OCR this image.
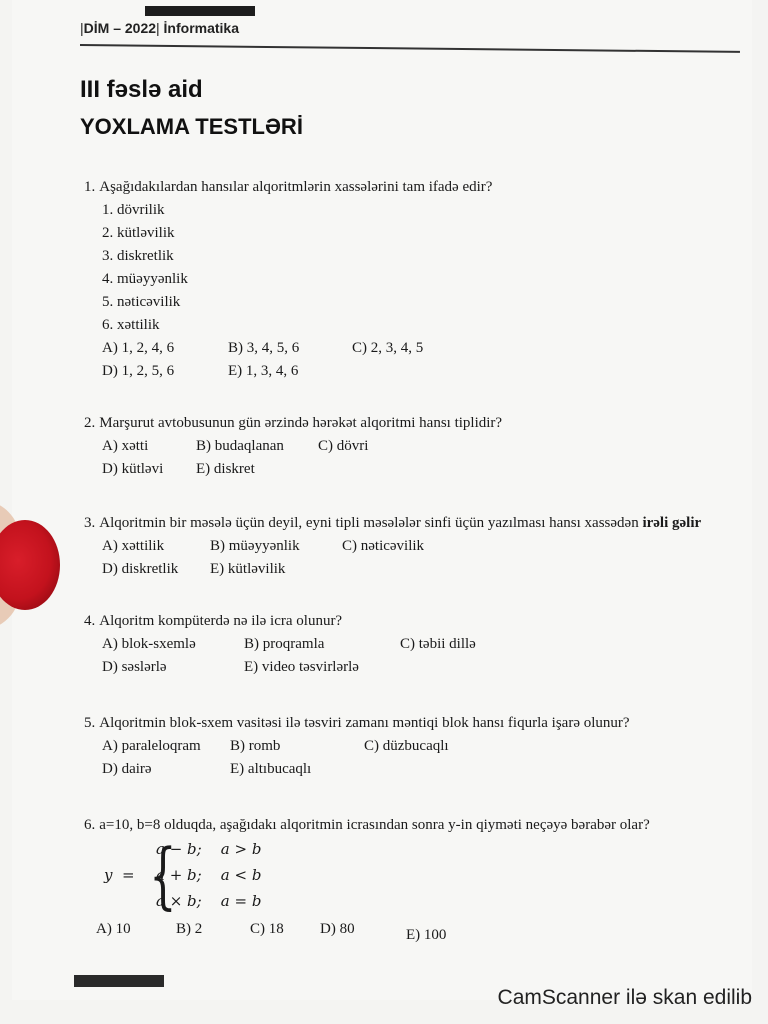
|DİM – 2022| İnformatika
III fəslə aid
YOXLAMA TESTLƏRİ
1. Aşağıdakılardan hansılar alqoritmlərin xassələrini tam ifadə edir?
1. dövrilik
2. kütləvilik
3. diskretlik
4. müəyyənlik
5. nəticəvilik
6. xəttilik
A) 1, 2, 4, 6	B) 3, 4, 5, 6	C) 2, 3, 4, 5
D) 1, 2, 5, 6	E) 1, 3, 4, 6
2. Marşurut avtobusunun gün ərzində hərəkət alqoritmi hansı tiplidir?
A) xətti	B) budaqlanan C) dövri
D) kütləvi E) diskret
3. Alqoritmin bir məsələ üçün deyil, eyni tipli məsələlər sinfi üçün yazılması hansı xassədən irəli gəlir
A) xəttilik	B) müəyyənlik	C) nəticəvilik
D) diskretlik E) kütləvilik
4. Alqoritm kompüterdə nə ilə icra olunur?
A) blok-sxemlə	B) proqramla	C) təbii dillə
D) səslərlə	E) video təsvirlərlə
5. Alqoritmin blok-sxem vasitəsi ilə təsviri zamanı məntiqi blok hansı fiqurla işarə olunur?
A) paraleloqram B) romb	C) düzbucaqlı
D) dairə	E) altıbucaqlı
6. a=10, b=8 olduqda, aşağıdakı alqoritmin icrasından sonra y-in qiyməti neçəyə bərabər olar?
y = {
a − b;    a > b
a + b;    a < b
a × b;    a = b
A) 10	B) 2	C) 18 D) 80	E) 100
CamScanner ilə skan edilib
